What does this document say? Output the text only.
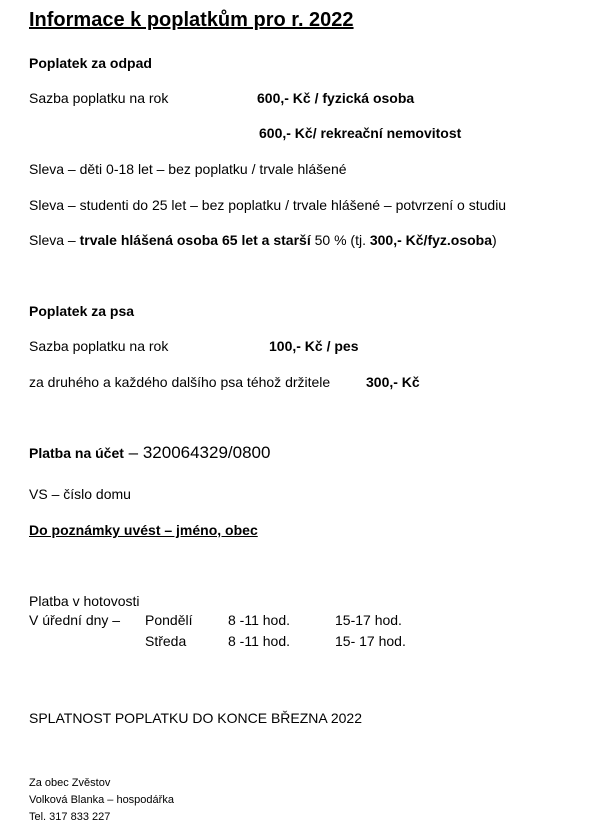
Informace k poplatkům pro r. 2022
Poplatek za odpad
Sazba poplatku na rok	600,- Kč / fyzická osoba
600,- Kč/ rekreační nemovitost
Sleva – děti 0-18 let – bez poplatku / trvale hlášené
Sleva – studenti do 25 let – bez poplatku / trvale hlášené – potvrzení o studiu
Sleva – trvale hlášená osoba 65 let a starší 50 % (tj. 300,- Kč/fyz.osoba)
Poplatek za psa
Sazba poplatku na rok	100,- Kč / pes
za druhého a každého dalšího psa téhož držitele	300,- Kč
Platba na účet – 320064329/0800
VS – číslo domu
Do poznámky uvést – jméno, obec
Platba v hotovosti
V úřední dny – Pondělí	8 -11 hod.	15-17 hod.
Středa	8 -11 hod.	15- 17 hod.
SPLATNOST POPLATKU DO KONCE BŘEZNA 2022
Za obec Zvěstov
Volková Blanka – hospodářka
Tel. 317 833 227
